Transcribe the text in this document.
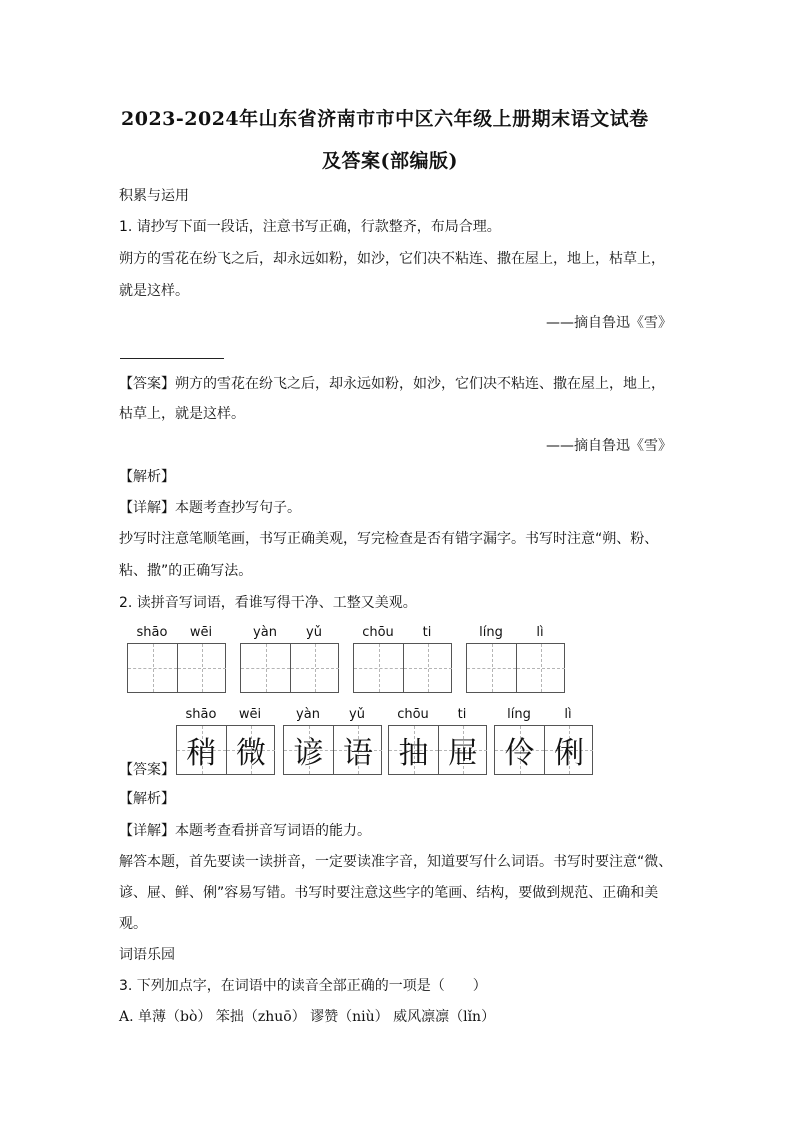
2023-2024年山东省济南市市中区六年级上册期末语文试卷
及答案(部编版)
积累与运用
1. 请抄写下面一段话，注意书写正确，行款整齐，布局合理。
朔方的雪花在纷飞之后，却永远如粉，如沙，它们决不粘连、撒在屋上，地上，枯草上，
就是这样。
——摘自鲁迅《雪》
【答案】朔方的雪花在纷飞之后，却永远如粉，如沙，它们决不粘连、撒在屋上，地上，
枯草上，就是这样。
——摘自鲁迅《雪》
【解析】
【详解】本题考查抄写句子。
抄写时注意笔顺笔画，书写正确美观，写完检查是否有错字漏字。书写时注意“朔、粉、
粘、撒”的正确写法。
2. 读拼音写词语，看谁写得干净、工整又美观。
shāo	wēi	yàn	yǔ	chōu	ti	líng	lì
shāo	wēi
稍 微
yàn	yǔ
谚 语
chōu	ti
抽 屉
líng	lì
伶 俐
【答案】
【解析】
【详解】本题考查看拼音写词语的能力。
解答本题，首先要读一读拼音，一定要读准字音，知道要写什么词语。书写时要注意“微、
谚、屉、鲜、俐”容易写错。书写时要注意这些字的笔画、结构，要做到规范、正确和美
观。
词语乐园
3. 下列加点字，在词语中的读音全部正确的一项是（　　）
A. 单薄（bò） 笨拙（zhuō） 谬赞（niù） 威风凛凛（lǐn）
